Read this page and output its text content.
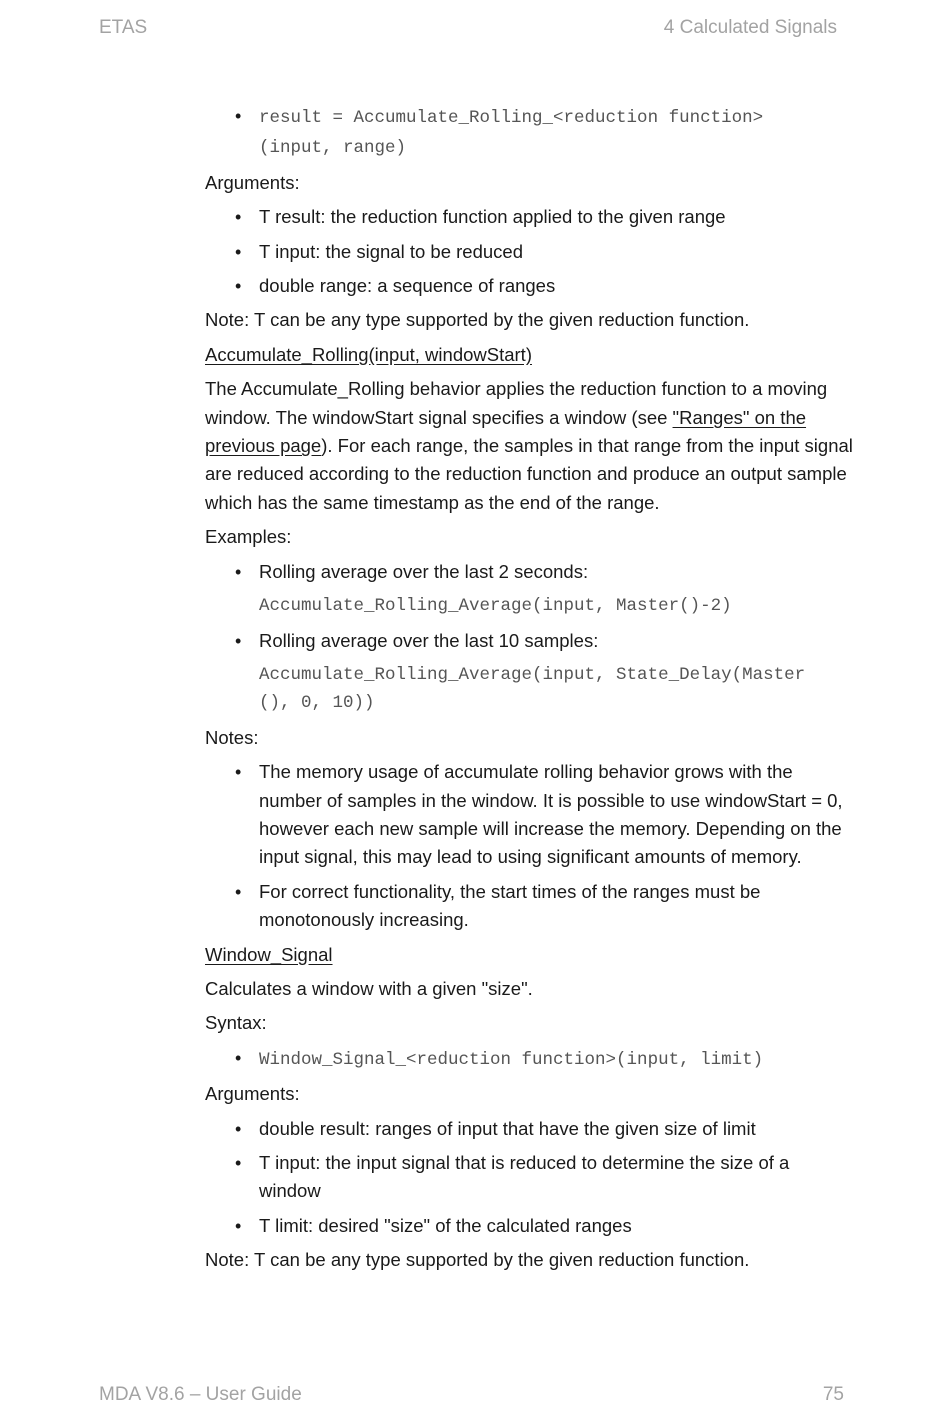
ETAS	4 Calculated Signals
• result = Accumulate_Rolling_<reduction function>
(input, range)

Arguments:

• T result: the reduction function applied to the given range
• T input: the signal to be reduced
• double range: a sequence of ranges

Note: T can be any type supported by the given reduction function.

Accumulate_Rolling(input, windowStart)

The Accumulate_Rolling behavior applies the reduction function to a moving window. The windowStart signal specifies a window (see "Ranges" on the previous page). For each range, the samples in that range from the input signal are reduced according to the reduction function and produce an output sample which has the same timestamp as the end of the range.

Examples:

• Rolling average over the last 2 seconds:
Accumulate_Rolling_Average(input, Master()-2)
• Rolling average over the last 10 samples:
Accumulate_Rolling_Average(input, State_Delay(Master
(), 0, 10))

Notes:

• The memory usage of accumulate rolling behavior grows with the number of samples in the window. It is possible to use windowStart = 0, however each new sample will increase the memory. Depending on the input signal, this may lead to using significant amounts of memory.
• For correct functionality, the start times of the ranges must be monotonously increasing.

Window_Signal

Calculates a window with a given "size".

Syntax:

• Window_Signal_<reduction function>(input, limit)

Arguments:

• double result: ranges of input that have the given size of limit
• T input: the input signal that is reduced to determine the size of a window
• T limit: desired "size" of the calculated ranges

Note: T can be any type supported by the given reduction function.

MDA V8.6 – User Guide	75
